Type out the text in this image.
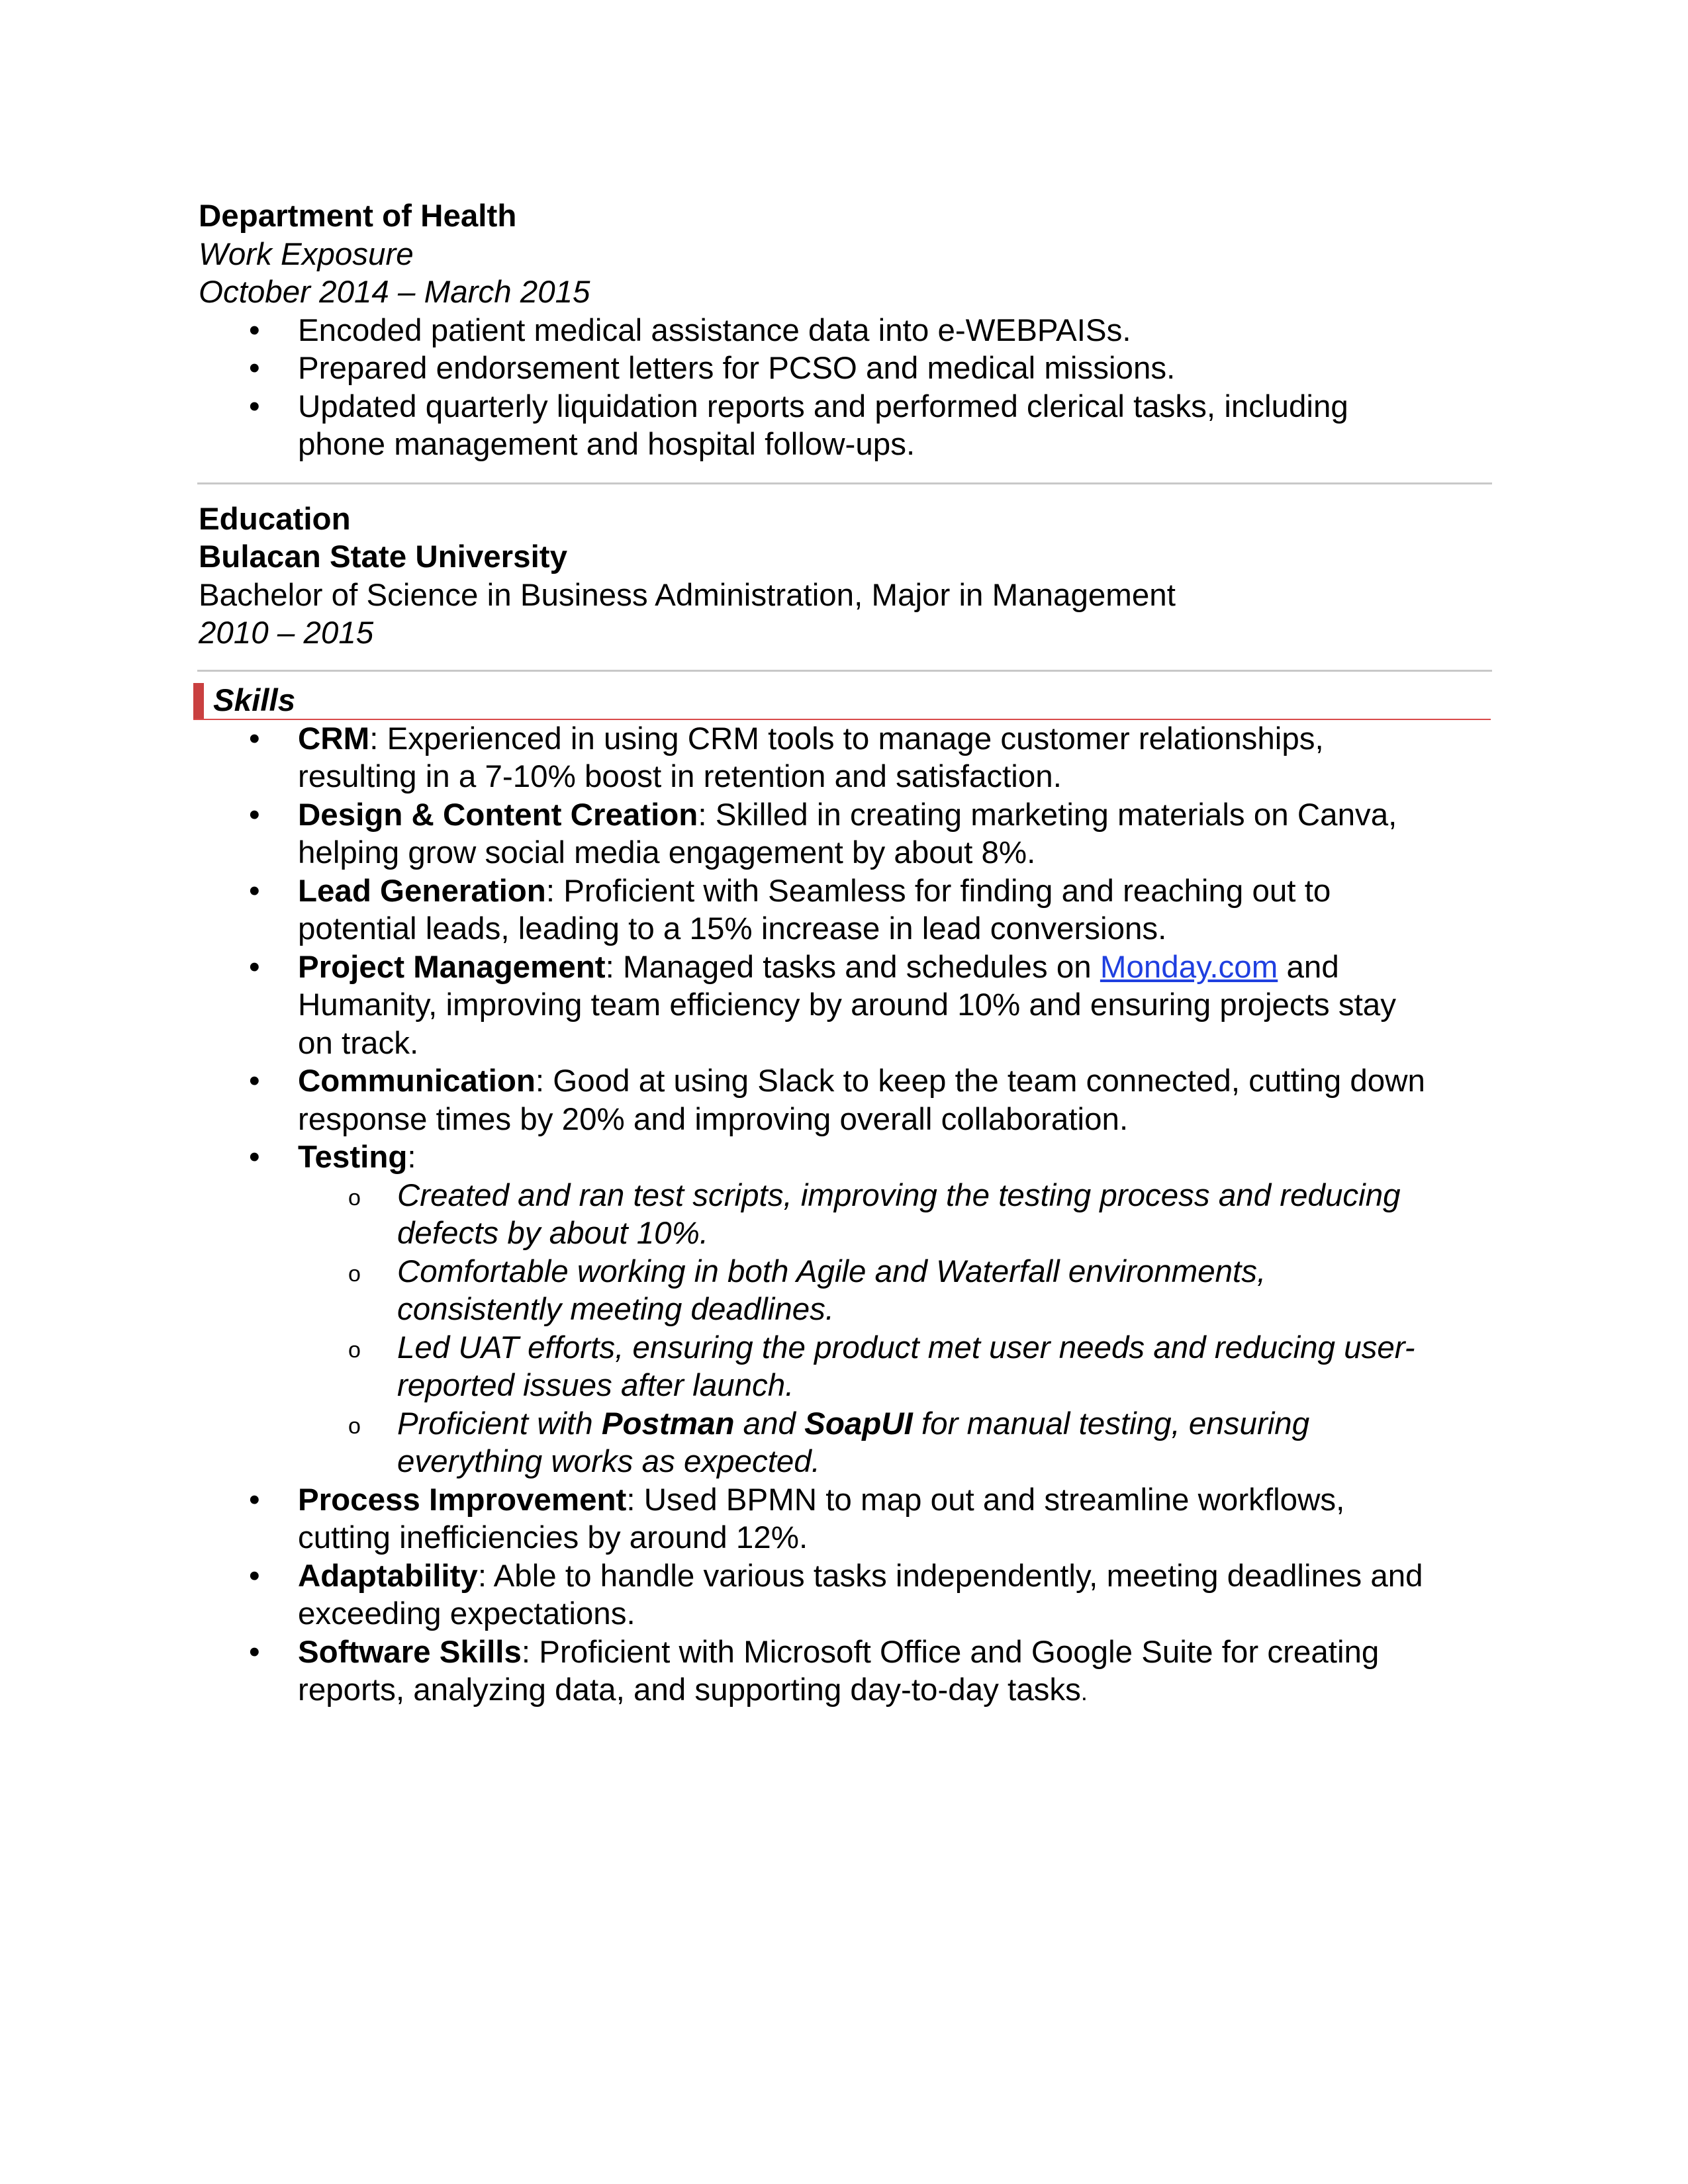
Department of Health
Work Exposure
October 2014 – March 2015
• Encoded patient medical assistance data into e-WEBPAISs.
• Prepared endorsement letters for PCSO and medical missions.
• Updated quarterly liquidation reports and performed clerical tasks, including
phone management and hospital follow-ups.
Education
Bulacan State University
Bachelor of Science in Business Administration, Major in Management
2010 – 2015
Skills
• CRM: Experienced in using CRM tools to manage customer relationships,
resulting in a 7-10% boost in retention and satisfaction.
• Design & Content Creation: Skilled in creating marketing materials on Canva,
helping grow social media engagement by about 8%.
• Lead Generation: Proficient with Seamless for finding and reaching out to
potential leads, leading to a 15% increase in lead conversions.
• Project Management: Managed tasks and schedules on Monday.com and
Humanity, improving team efficiency by around 10% and ensuring projects stay
on track.
• Communication: Good at using Slack to keep the team connected, cutting down
response times by 20% and improving overall collaboration.
• Testing:
o Created and ran test scripts, improving the testing process and reducing
defects by about 10%.
o Comfortable working in both Agile and Waterfall environments,
consistently meeting deadlines.
o Led UAT efforts, ensuring the product met user needs and reducing user-
reported issues after launch.
o Proficient with Postman and SoapUI for manual testing, ensuring
everything works as expected.
• Process Improvement: Used BPMN to map out and streamline workflows,
cutting inefficiencies by around 12%.
• Adaptability: Able to handle various tasks independently, meeting deadlines and
exceeding expectations.
• Software Skills: Proficient with Microsoft Office and Google Suite for creating
reports, analyzing data, and supporting day-to-day tasks.
